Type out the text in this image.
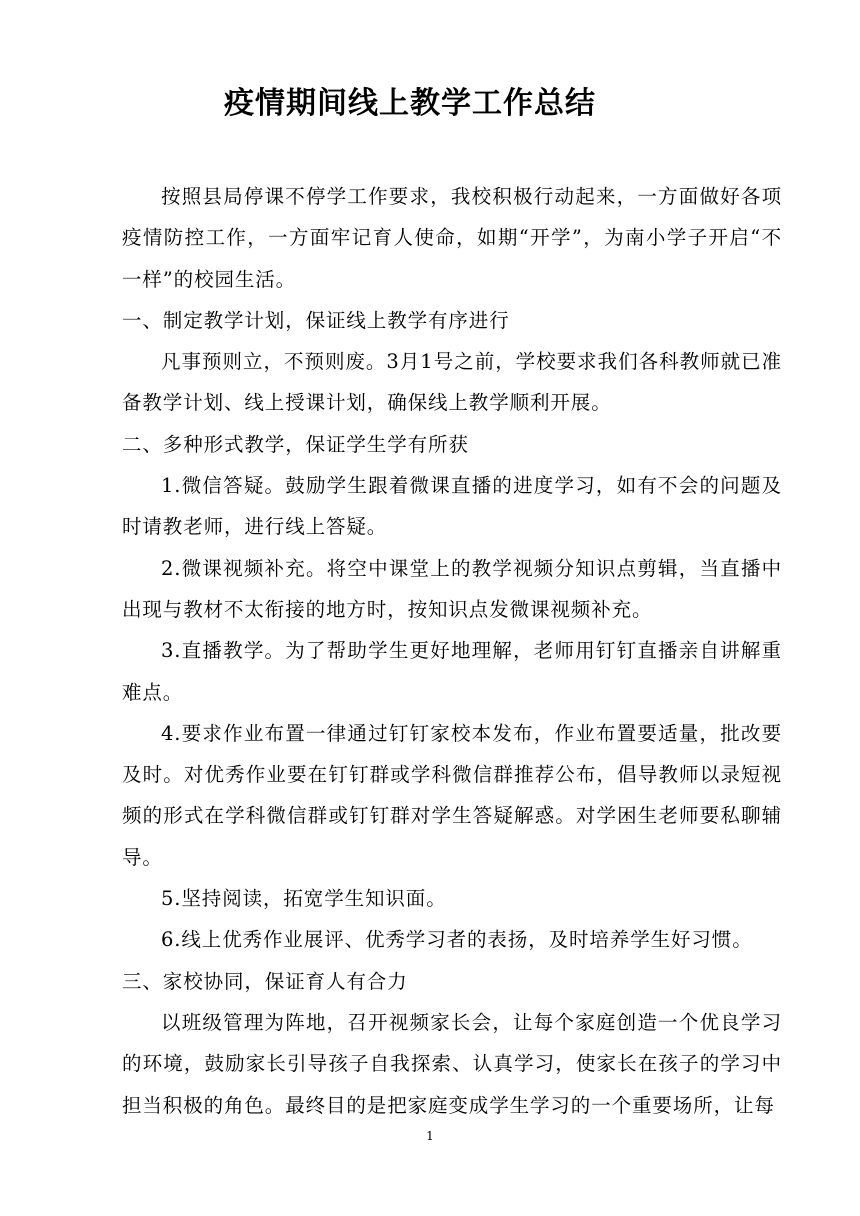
疫情期间线上教学工作总结

按照县局停课不停学工作要求，我校积极行动起来，一方面做好各项疫情防控工作，一方面牢记育人使命，如期“开学”，为南小学子开启“不一样”的校园生活。

一、制定教学计划，保证线上教学有序进行

凡事预则立，不预则废。3月1号之前，学校要求我们各科教师就已准备教学计划、线上授课计划，确保线上教学顺利开展。

二、多种形式教学，保证学生学有所获

1.微信答疑。鼓励学生跟着微课直播的进度学习，如有不会的问题及时请教老师，进行线上答疑。

2.微课视频补充。将空中课堂上的教学视频分知识点剪辑，当直播中出现与教材不太衔接的地方时，按知识点发微课视频补充。

3.直播教学。为了帮助学生更好地理解，老师用钉钉直播亲自讲解重难点。

4.要求作业布置一律通过钉钉家校本发布，作业布置要适量，批改要及时。对优秀作业要在钉钉群或学科微信群推荐公布，倡导教师以录短视频的形式在学科微信群或钉钉群对学生答疑解惑。对学困生老师要私聊辅导。

5.坚持阅读，拓宽学生知识面。

6.线上优秀作业展评、优秀学习者的表扬，及时培养学生好习惯。

三、家校协同，保证育人有合力

以班级管理为阵地，召开视频家长会，让每个家庭创造一个优良学习的环境，鼓励家长引导孩子自我探索、认真学习，使家长在孩子的学习中担当积极的角色。最终目的是把家庭变成学生学习的一个重要场所，让每

1
